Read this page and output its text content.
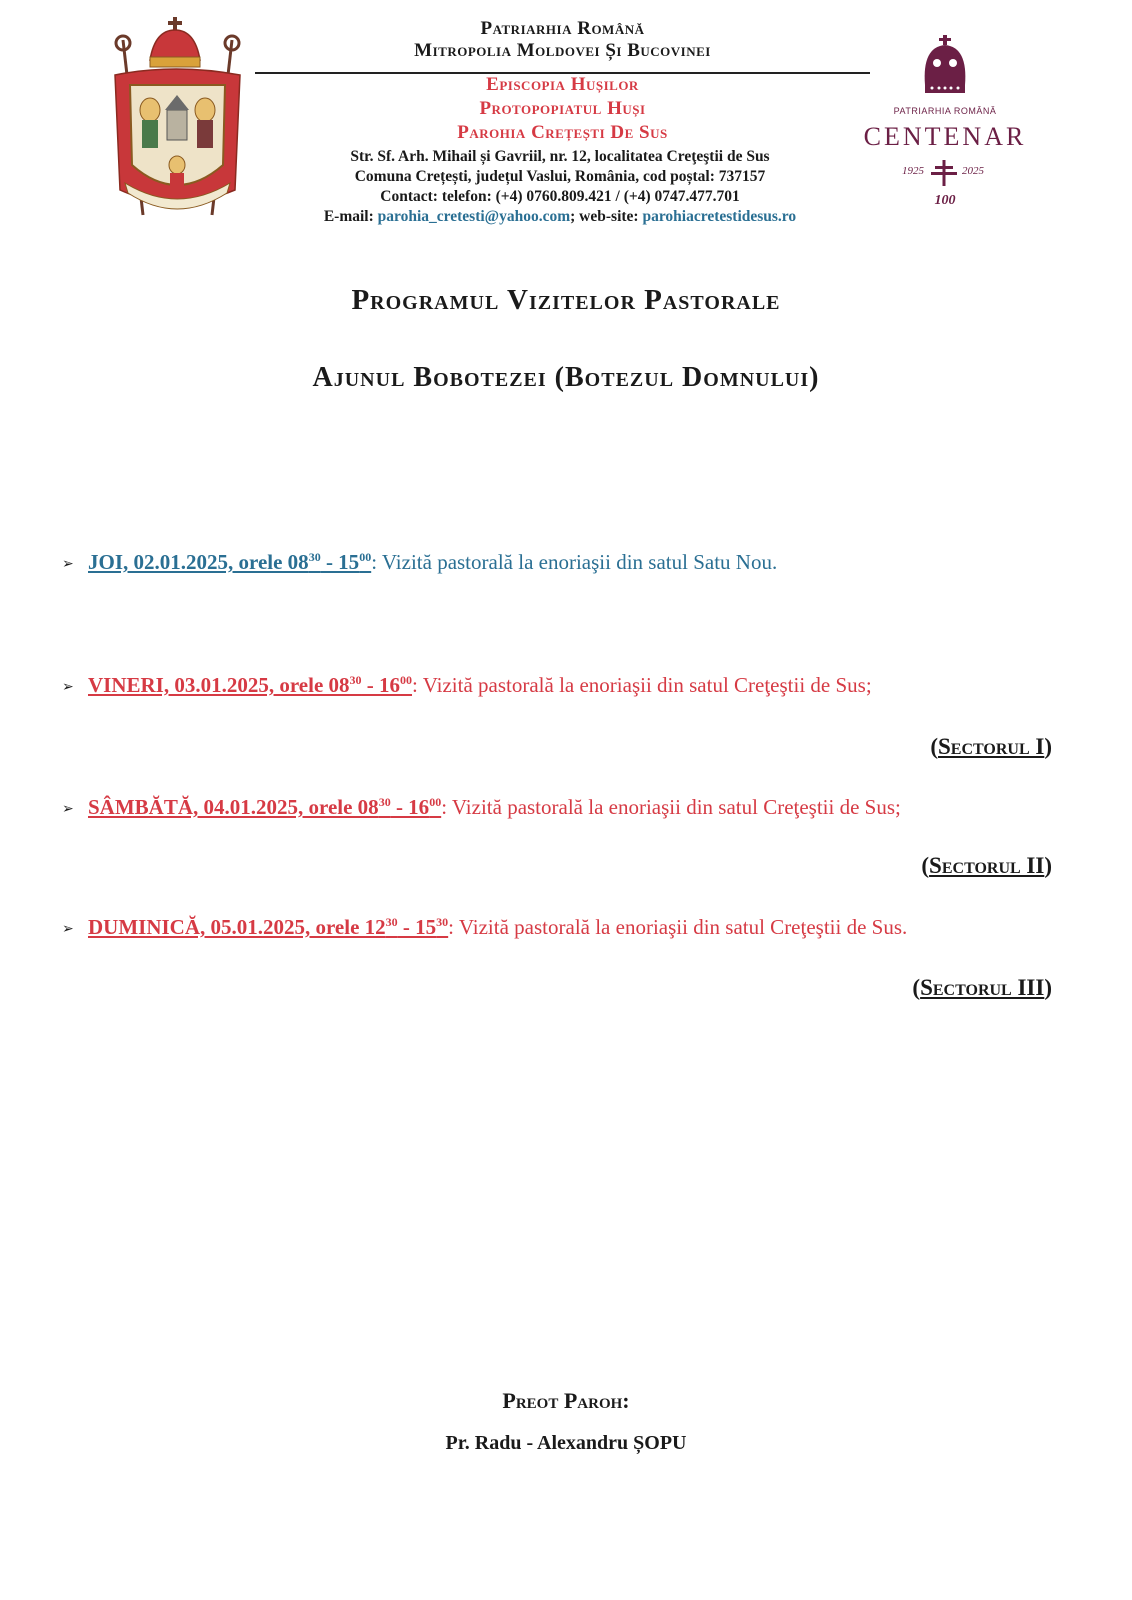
Patriarhia Română
Mitropolia Moldovei Și Bucovinei
Episcopia Hușilor
Protopopiatul Huși
Parohia Crețești De Sus
Str. Sf. Arh. Mihail și Gavriil, nr. 12, localitatea Creţeştii de Sus
Comuna Crețești, județul Vaslui, România, cod poștal: 737157
Contact: telefon: (+4) 0760.809.421 / (+4) 0747.477.701
E-mail: parohia_cretesti@yahoo.com; web-site: parohiacretestidesus.ro
PATRIARHIA ROMÂNĂ
CENTENAR
1925	2025
100
Programul Vizitelor Pastorale
Ajunul Bobotezei (Botezul Domnului)
➢ JOI, 02.01.2025, orele $08^{30} - 15^{00}$: Vizită pastorală la enoriaşii din satul Satu Nou.
➢ VINERI, 03.01.2025, orele $08^{30} - 16^{00}$: Vizită pastorală la enoriaşii din satul Creţeştii de Sus;
(Sectorul I)
➢ SÂMBĂTĂ, 04.01.2025, orele $08^{30} - 16^{00}$: Vizită pastorală la enoriaşii din satul Creţeştii de Sus;
(Sectorul II)
➢ DUMINICĂ, 05.01.2025, orele $12^{30} - 15^{30}$: Vizită pastorală la enoriaşii din satul Creţeştii de Sus.
(Sectorul III)
Preot Paroh:
Pr. Radu - Alexandru ȘOPU
